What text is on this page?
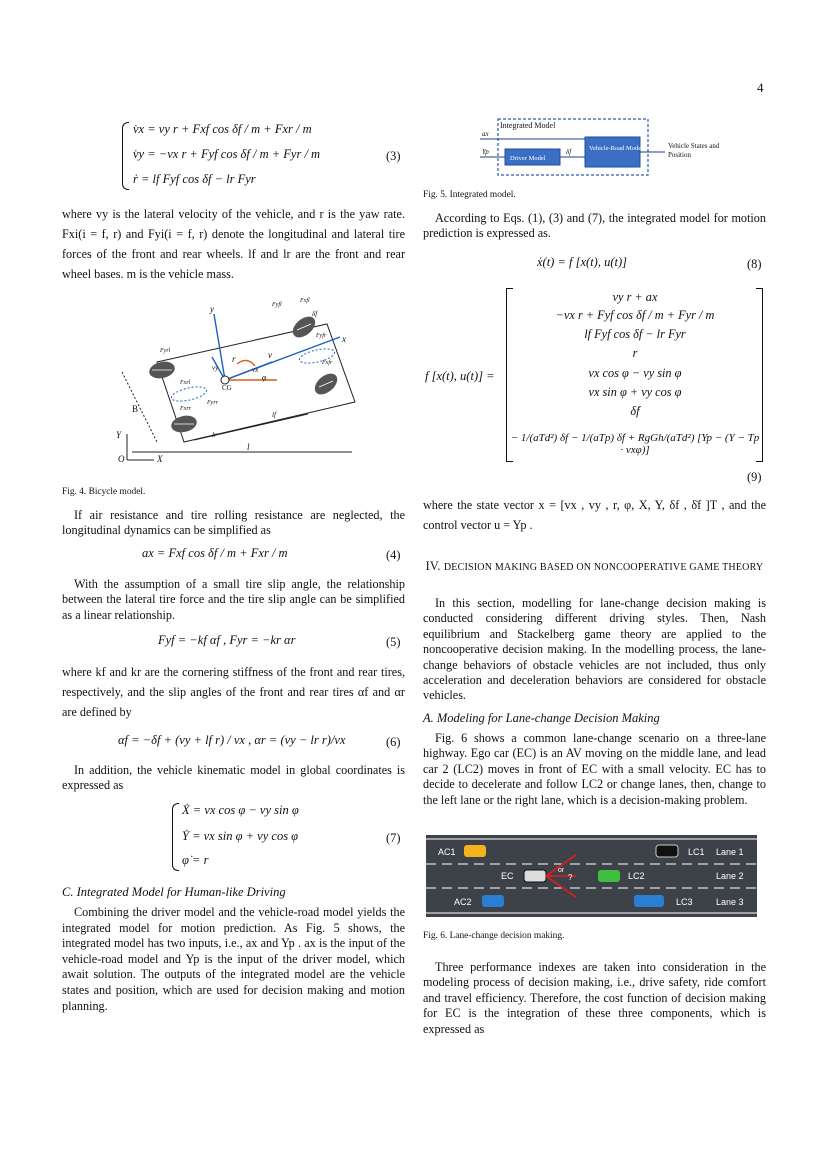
4
v̇x = vy r + Fxf cos δf / m + Fxr / m
v̇y = −vx r + Fyf cos δf / m + Fyr / m
ṙ = lf Fyf cos δf − lr Fyr
(3)
where vy is the lateral velocity of the vehicle, and r is the yaw rate. Fxi(i = f, r) and Fyi(i = f, r) denote the longitudinal and lateral tire forces of the front and rear wheels. lf and lr are the front and rear wheel bases. m is the vehicle mass.
y
x
Y
X
O
CG
r	v
vx
vy
φ
B
l
lf
lr
Fyrl
Fxrl
Fyfl
Fxfl
δf
Fxrr
Fyrr
Fyfr
Fxfr
Fig. 4. Bicycle model.
If air resistance and tire rolling resistance are neglected, the longitudinal dynamics can be simplified as
ax = Fxf cos δf / m + Fxr / m	(4)
With the assumption of a small tire slip angle, the relationship between the lateral tire force and the tire slip angle can be simplified as a linear relationship.
Fyf = −kf αf , Fyr = −kr αr	(5)
where kf and kr are the cornering stiffness of the front and rear tires, respectively, and the slip angles of the front and rear tires αf and αr are defined by
αf = −δf + (vy + lf r) / vx , αr = (vy − lr r)/vx	(6)
In addition, the vehicle kinematic model in global coordinates is expressed as
Ẋ = vx cos φ − vy sin φ
Ẏ = vx sin φ + vy cos φ
φ̇ = r
(7)
C. Integrated Model for Human-like Driving
Combining the driver model and the vehicle-road model yields the integrated model for motion prediction. As Fig. 5 shows, the integrated model has two inputs, i.e., ax and Yp . ax is the input of the vehicle-road model and Yp is the input of the driver model, which await solution. The outputs of the integrated model are the vehicle states and position, which are used for decision making and motion planning.
Integrated Model
Vehicle-Road Model
Driver Model
δf
ax
Yp
Vehicle States and Position
Fig. 5. Integrated model.
According to Eqs. (1), (3) and (7), the integrated model for motion prediction is expressed as.
ẋ(t) = f [x(t), u(t)]	(8)
f [x(t), u(t)] =
vy r + ax
−vx r + Fyf cos δf / m + Fyr / m
lf Fyf cos δf − lr Fyr
r
vx cos φ − vy sin φ
vx sin φ + vy cos φ
δ̇f
− 1/(aTd²) δf − 1/(aTp) δ̇f + RgGh/(aTd²) [Yp − (Y − Tp · vxφ)]
(9)
where the state vector x = [vx , vy , r, φ, X, Y, δf , δ̇f ]T , and the control vector u = Yp .
IV. DECISION MAKING BASED ON NONCOOPERATIVE GAME THEORY
In this section, modelling for lane-change decision making is conducted considering different driving styles. Then, Nash equilibrium and Stackelberg game theory are applied to the noncooperative decision making. In the modelling process, the lane-change behaviors of obstacle vehicles are not included, thus only acceleration and deceleration behaviors are considered for obstacle vehicles.
A. Modeling for Lane-change Decision Making
Fig. 6 shows a common lane-change scenario on a three-lane highway. Ego car (EC) is an AV moving on the middle lane, and lead car 2 (LC2) moves in front of EC with a small velocity. EC has to decide to decelerate and follow LC2 or change lanes, then, change to the left lane or the right lane, which is a decision-making problem.
AC1	LC1 Lane 1
EC
or
?	LC2	Lane 2
AC2	LC3	Lane 3
Fig. 6. Lane-change decision making.
Three performance indexes are taken into consideration in the modeling process of decision making, i.e., drive safety, ride comfort and travel efficiency. Therefore, the cost function of decision making for EC is the integration of these three components, which is expressed as
